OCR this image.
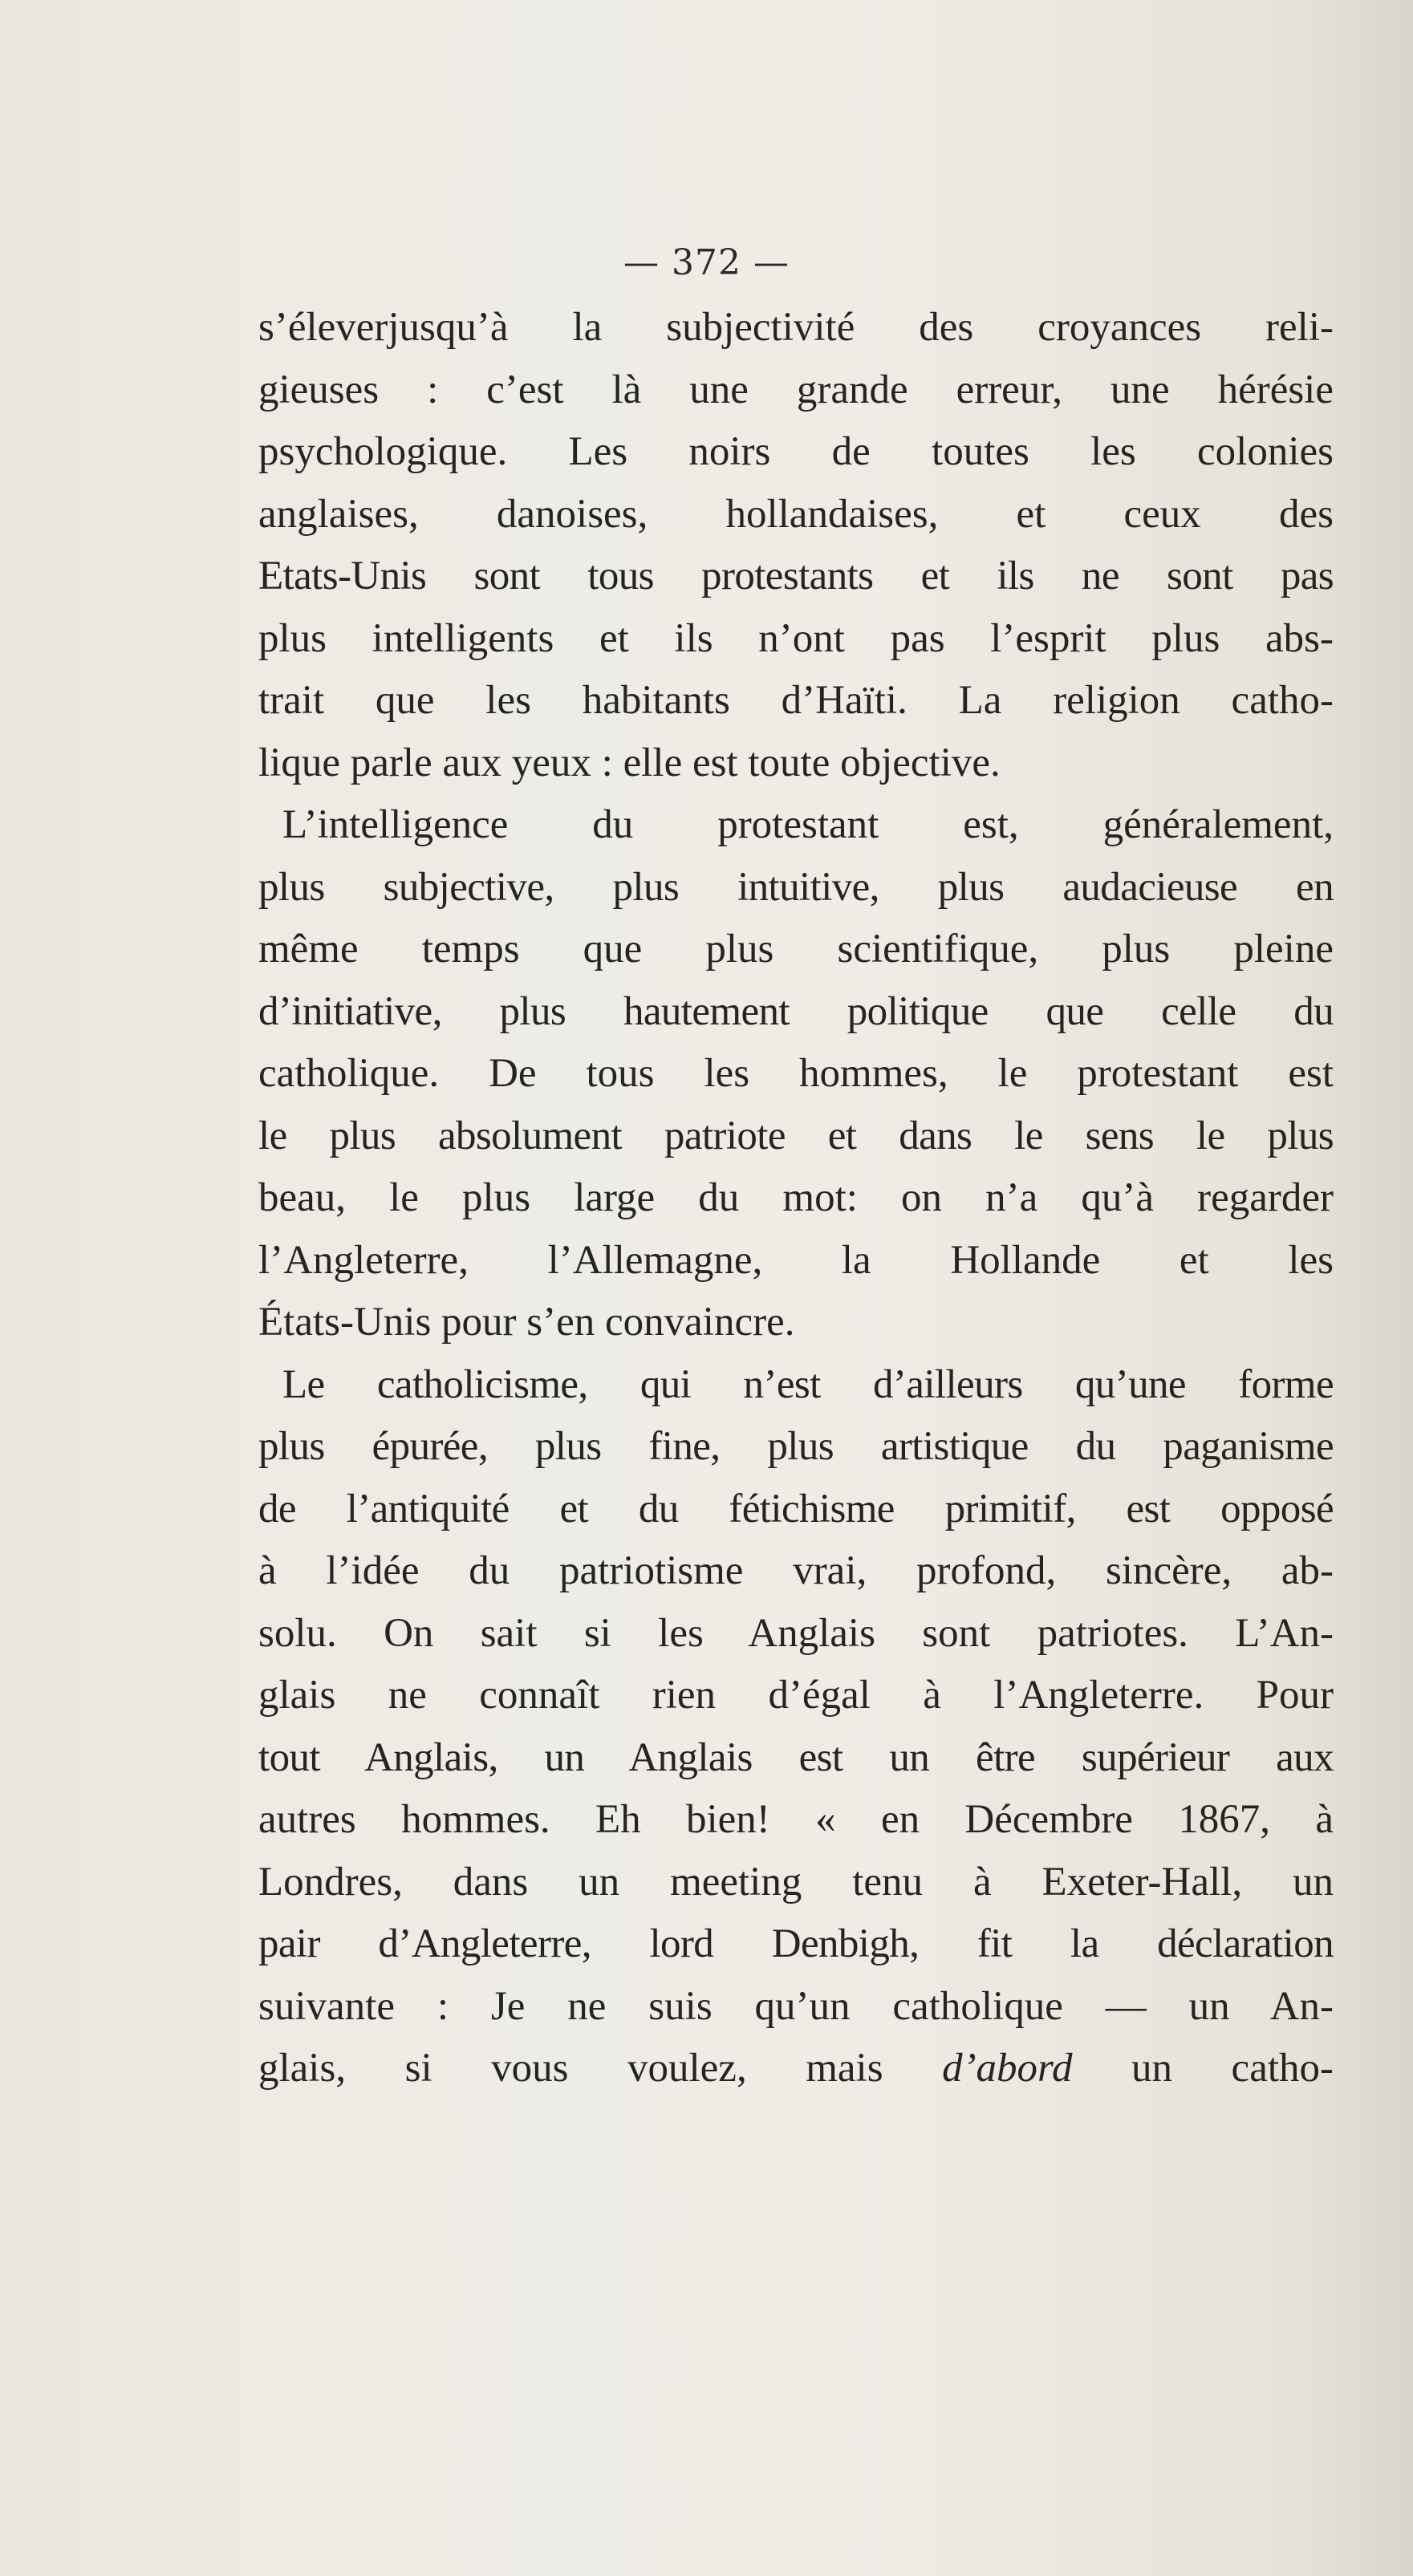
— 372 —
s’éleverjusqu’à la subjectivité des croyances reli-
gieuses : c’est là une grande erreur, une hérésie
psychologique. Les noirs de toutes les colonies
anglaises, danoises, hollandaises, et ceux des
Etats-Unis sont tous protestants et ils ne sont pas
plus intelligents et ils n’ont pas l’esprit plus abs-
trait que les habitants d’Haïti. La religion catho-
lique parle aux yeux : elle est toute objective.
L’intelligence du protestant est, généralement,
plus subjective, plus intuitive, plus audacieuse en
même temps que plus scientifique, plus pleine
d’initiative, plus hautement politique que celle du
catholique. De tous les hommes, le protestant est
le plus absolument patriote et dans le sens le plus
beau, le plus large du mot: on n’a qu’à regarder
l’Angleterre, l’Allemagne, la Hollande et les
États-Unis pour s’en convaincre.
Le catholicisme, qui n’est d’ailleurs qu’une forme
plus épurée, plus fine, plus artistique du paganisme
de l’antiquité et du fétichisme primitif, est opposé
à l’idée du patriotisme vrai, profond, sincère, ab-
solu. On sait si les Anglais sont patriotes. L’An-
glais ne connaît rien d’égal à l’Angleterre. Pour
tout Anglais, un Anglais est un être supérieur aux
autres hommes. Eh bien! « en Décembre 1867, à
Londres, dans un meeting tenu à Exeter-Hall, un
pair d’Angleterre, lord Denbigh, fit la déclaration
suivante : Je ne suis qu’un catholique — un An-
glais, si vous voulez, mais d’abord un catho-
